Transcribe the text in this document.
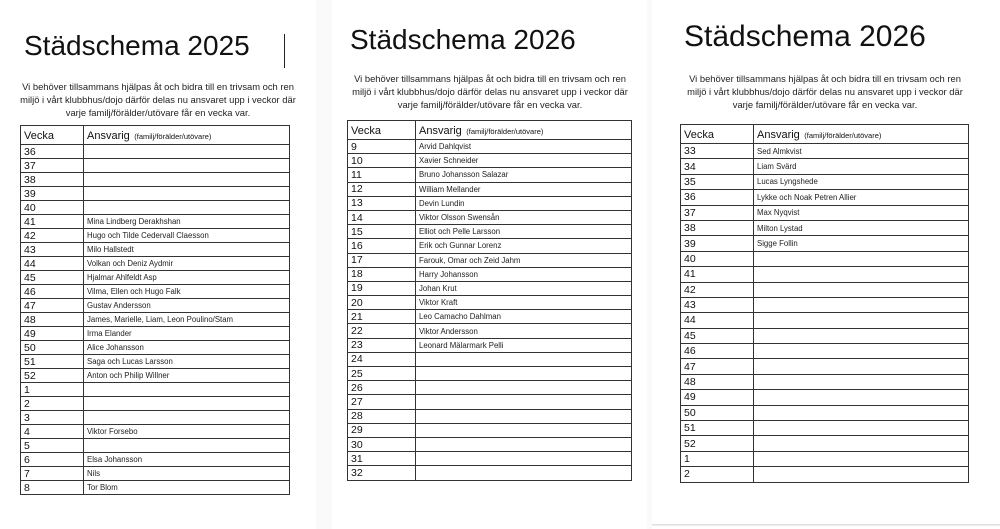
Städschema 2025

Vi behöver tillsammans hjälpas åt och bidra till en trivsam och ren miljö i vårt klubbhus/dojo därför delas nu ansvaret upp i veckor där varje familj/förälder/utövare får en vecka var.

Vecka	Ansvarig (familj/förälder/utövare)
36	
37	
38	
39	
40	
41	Mina Lindberg Derakhshan
42	Hugo och Tilde Cedervall Claesson
43	Milo Hallstedt
44	Volkan och Deniz Aydmir
45	Hjalmar Ahlfeldt Asp
46	Vilma, Ellen och Hugo Falk
47	Gustav Andersson
48	James, Marielle, Liam, Leon Poulino/Stam
49	Irma Elander
50	Alice Johansson
51	Saga och Lucas Larsson
52	Anton och Philip Willner
1	
2	
3	
4	Viktor Forsebo
5	
6	Elsa Johansson
7	Nils
8	Tor Blom
Städschema 2026

Vi behöver tillsammans hjälpas åt och bidra till en trivsam och ren miljö i vårt klubbhus/dojo därför delas nu ansvaret upp i veckor där varje familj/förälder/utövare får en vecka var.

Vecka	Ansvarig (familj/förälder/utövare)
9	Arvid Dahlqvist
10	Xavier Schneider
11	Bruno Johansson Salazar
12	William Mellander
13	Devin Lundin
14	Viktor Olsson Swensån
15	Elliot och Pelle Larsson
16	Erik och Gunnar Lorenz
17	Farouk, Omar och Zeid Jahm
18	Harry Johansson
19	Johan Krut
20	Viktor Kraft
21	Leo Camacho Dahlman
22	Viktor Andersson
23	Leonard Mälarmark Pelli
24	
25	
26	
27	
28	
29	
30	
31	
32	
Städschema 2026

Vi behöver tillsammans hjälpas åt och bidra till en trivsam och ren miljö i vårt klubbhus/dojo därför delas nu ansvaret upp i veckor där varje familj/förälder/utövare får en vecka var.

Vecka	Ansvarig (familj/förälder/utövare)
33	Sed Almkvist
34	Liam Svärd
35	Lucas Lyngshede
36	Lykke och Noak Petren Allier
37	Max Nyqvist
38	Milton Lystad
39	Sigge Follin
40	
41	
42	
43	
44	
45	
46	
47	
48	
49	
50	
51	
52	
1	
2	
